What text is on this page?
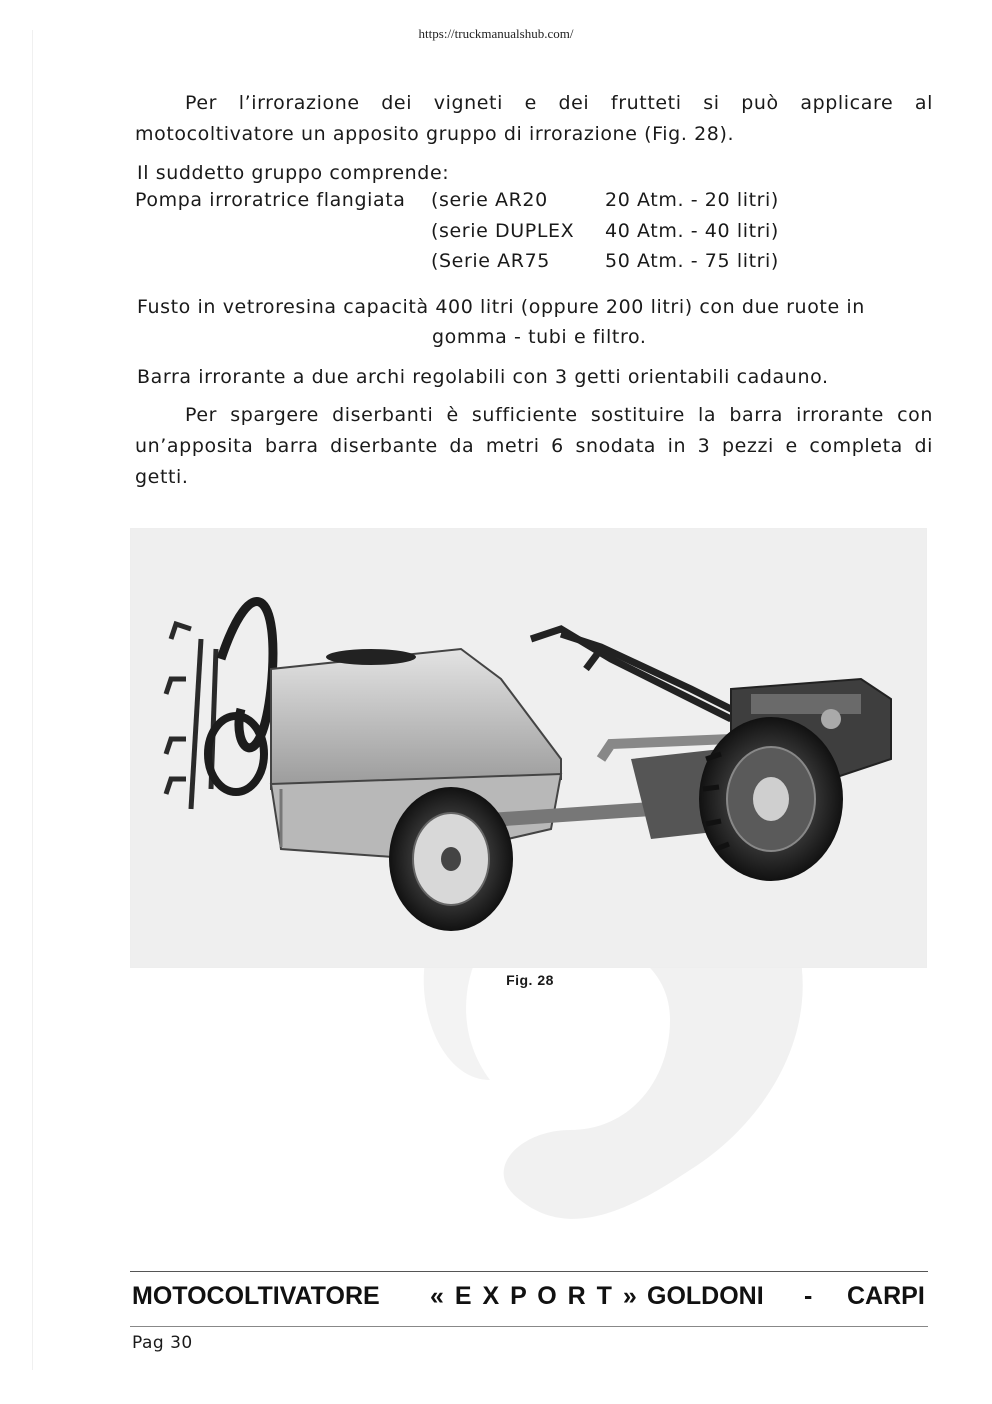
https://truckmanualshub.com/

Per l’irrorazione dei vigneti e dei frutteti si può applicare al motocoltivatore un apposito gruppo di irrorazione (Fig. 28).

Il suddetto gruppo comprende:

Pompa irroratrice flangiata (serie AR20	20 Atm. - 20 litri)
(serie DUPLEX 40 Atm. - 40 litri)
(Serie AR75	50 Atm. - 75 litri)

Fusto in vetroresina capacità 400 litri (oppure 200 litri) con due ruote in

gomma - tubi e filtro.

Barra irrorante a due archi regolabili con 3 getti orientabili cadauno.

Per spargere diserbanti è sufficiente sostituire la barra irrorante con un’apposita barra diserbante da metri 6 snodata in 3 pezzi e completa di getti.

Fig. 28
MOTOCOLTIVATORE « E X P O R T » GOLDONI - CARPI
Pag 30
